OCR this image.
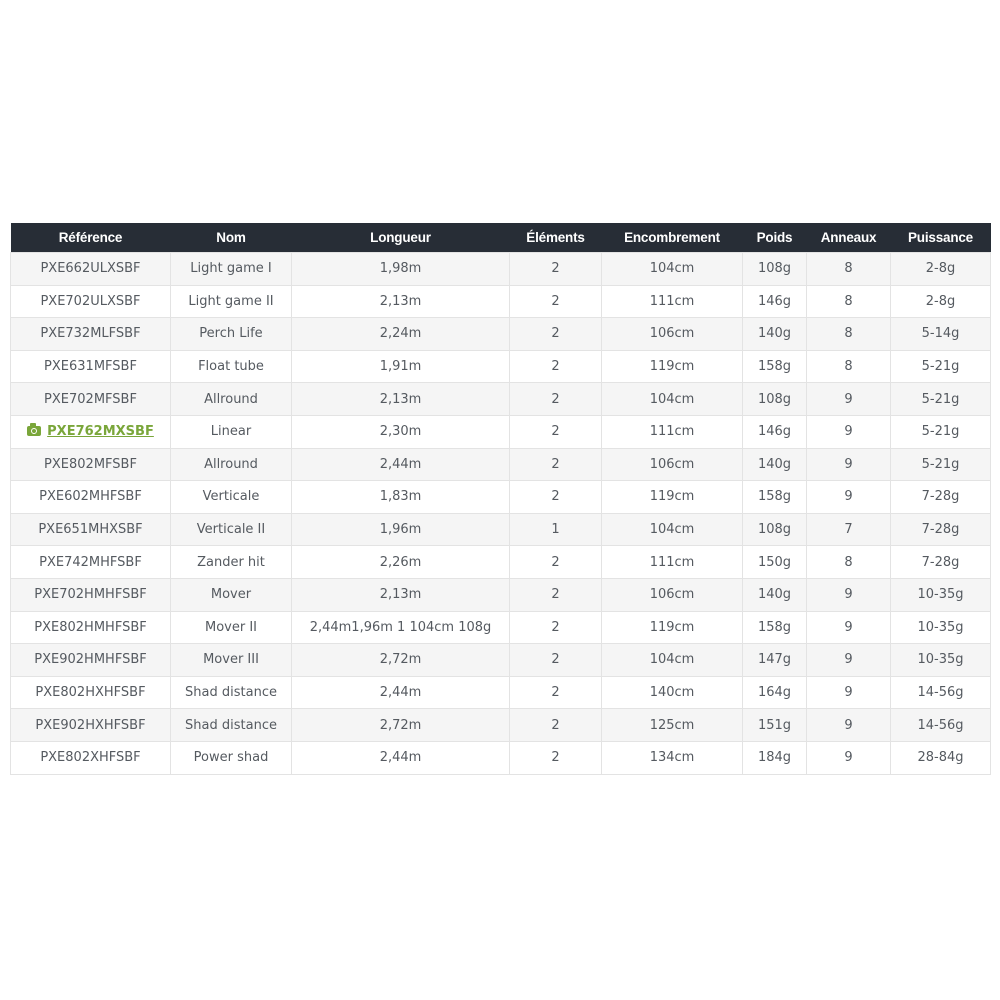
Référence	Nom	Longueur	Éléments	Encombrement	Poids	Anneaux	Puissance
PXE662ULXSBF	Light game I	1,98m	2	104cm	108g	8	2-8g
PXE702ULXSBF	Light game II	2,13m	2	111cm	146g	8	2-8g
PXE732MLFSBF	Perch Life	2,24m	2	106cm	140g	8	5-14g
PXE631MFSBF	Float tube	1,91m	2	119cm	158g	8	5-21g
PXE702MFSBF	Allround	2,13m	2	104cm	108g	9	5-21g
PXE762MXSBF	Linear	2,30m	2	111cm	146g	9	5-21g
PXE802MFSBF	Allround	2,44m	2	106cm	140g	9	5-21g
PXE602MHFSBF	Verticale	1,83m	2	119cm	158g	9	7-28g
PXE651MHXSBF	Verticale II	1,96m	1	104cm	108g	7	7-28g
PXE742MHFSBF	Zander hit	2,26m	2	111cm	150g	8	7-28g
PXE702HMHFSBF	Mover	2,13m	2	106cm	140g	9	10-35g
PXE802HMHFSBF	Mover II	2,44m1,96m 1 104cm 108g	2	119cm	158g	9	10-35g
PXE902HMHFSBF	Mover III	2,72m	2	104cm	147g	9	10-35g
PXE802HXHFSBF	Shad distance	2,44m	2	140cm	164g	9	14-56g
PXE902HXHFSBF	Shad distance	2,72m	2	125cm	151g	9	14-56g
PXE802XHFSBF	Power shad	2,44m	2	134cm	184g	9	28-84g
